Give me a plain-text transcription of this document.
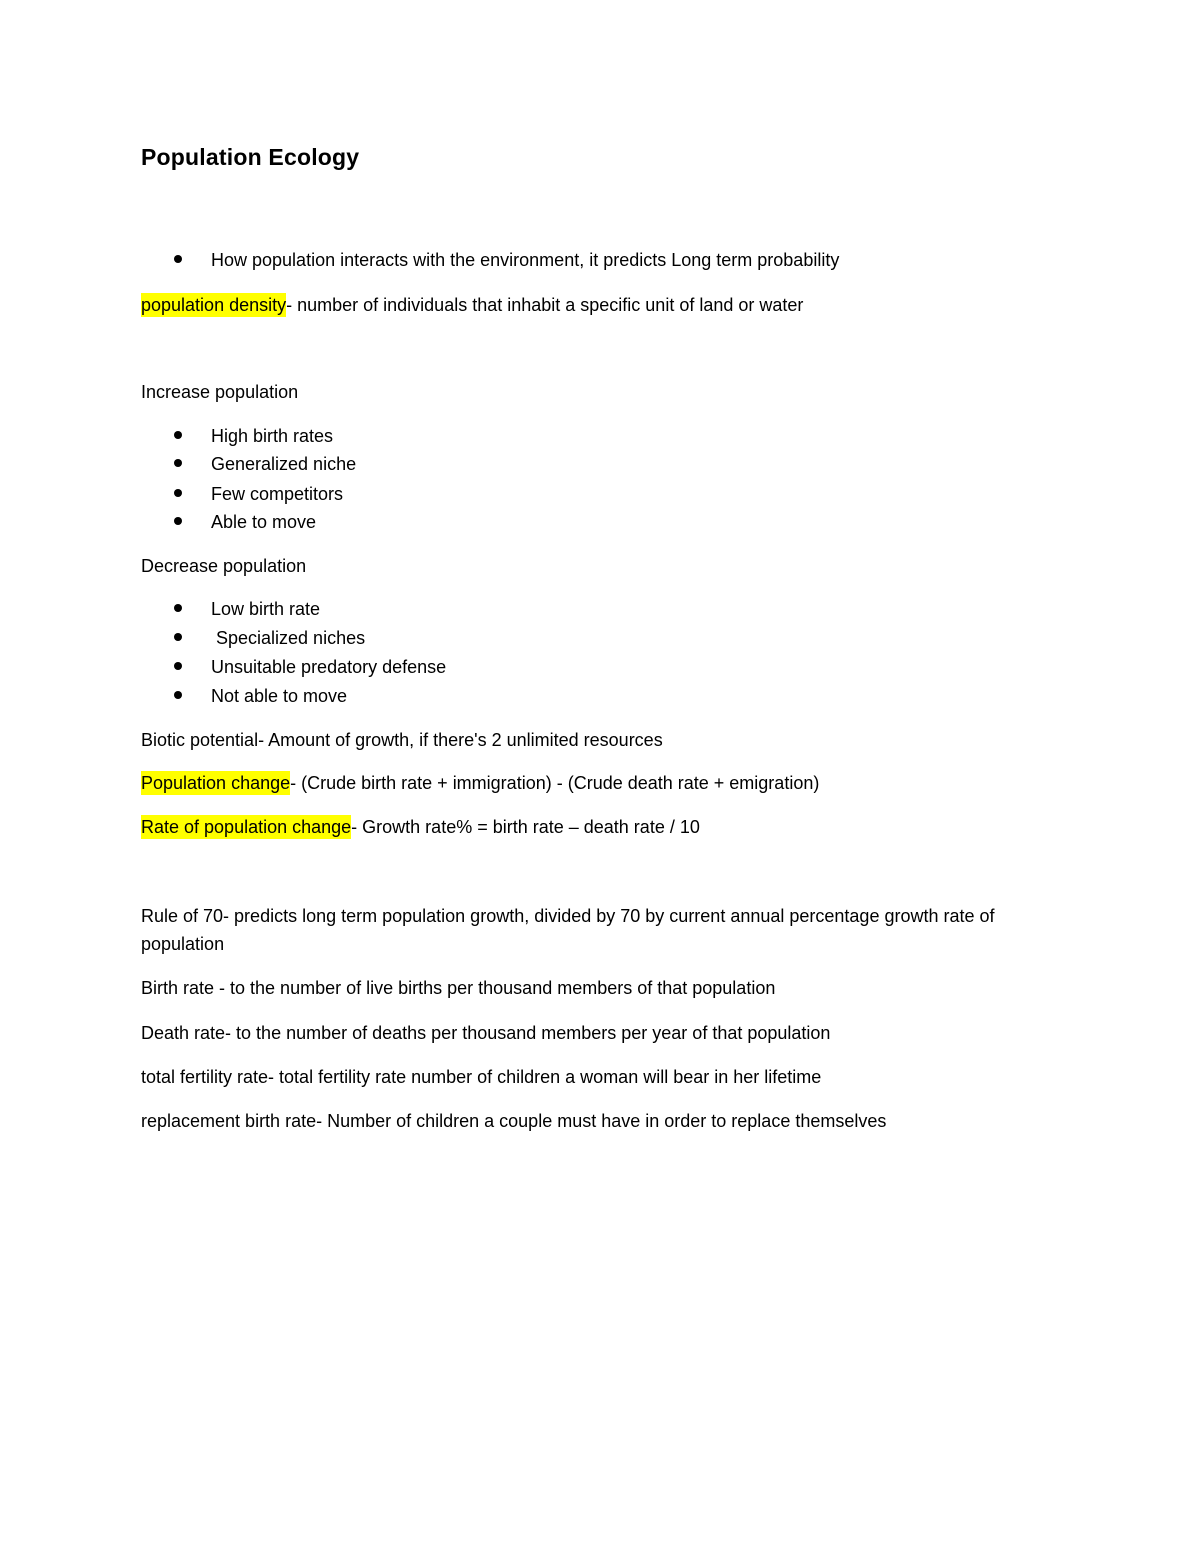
Population Ecology
How population interacts with the environment, it predicts Long term probability
population density- number of individuals that inhabit a specific unit of land or water
Increase population
High birth rates
Generalized niche
Few competitors
Able to move
Decrease population
Low birth rate
Specialized niches
Unsuitable predatory defense
Not able to move
Biotic potential- Amount of growth, if there's 2 unlimited resources
Population change- (Crude birth rate + immigration) - (Crude death rate + emigration)
Rate of population change- Growth rate% = birth rate – death rate / 10
Rule of 70- predicts long term population growth, divided by 70 by current annual percentage growth rate of population
Birth rate - to the number of live births per thousand members of that population
Death rate- to the number of deaths per thousand members per year of that population
total fertility rate- total fertility rate number of children a woman will bear in her lifetime
replacement birth rate- Number of children a couple must have in order to replace themselves
